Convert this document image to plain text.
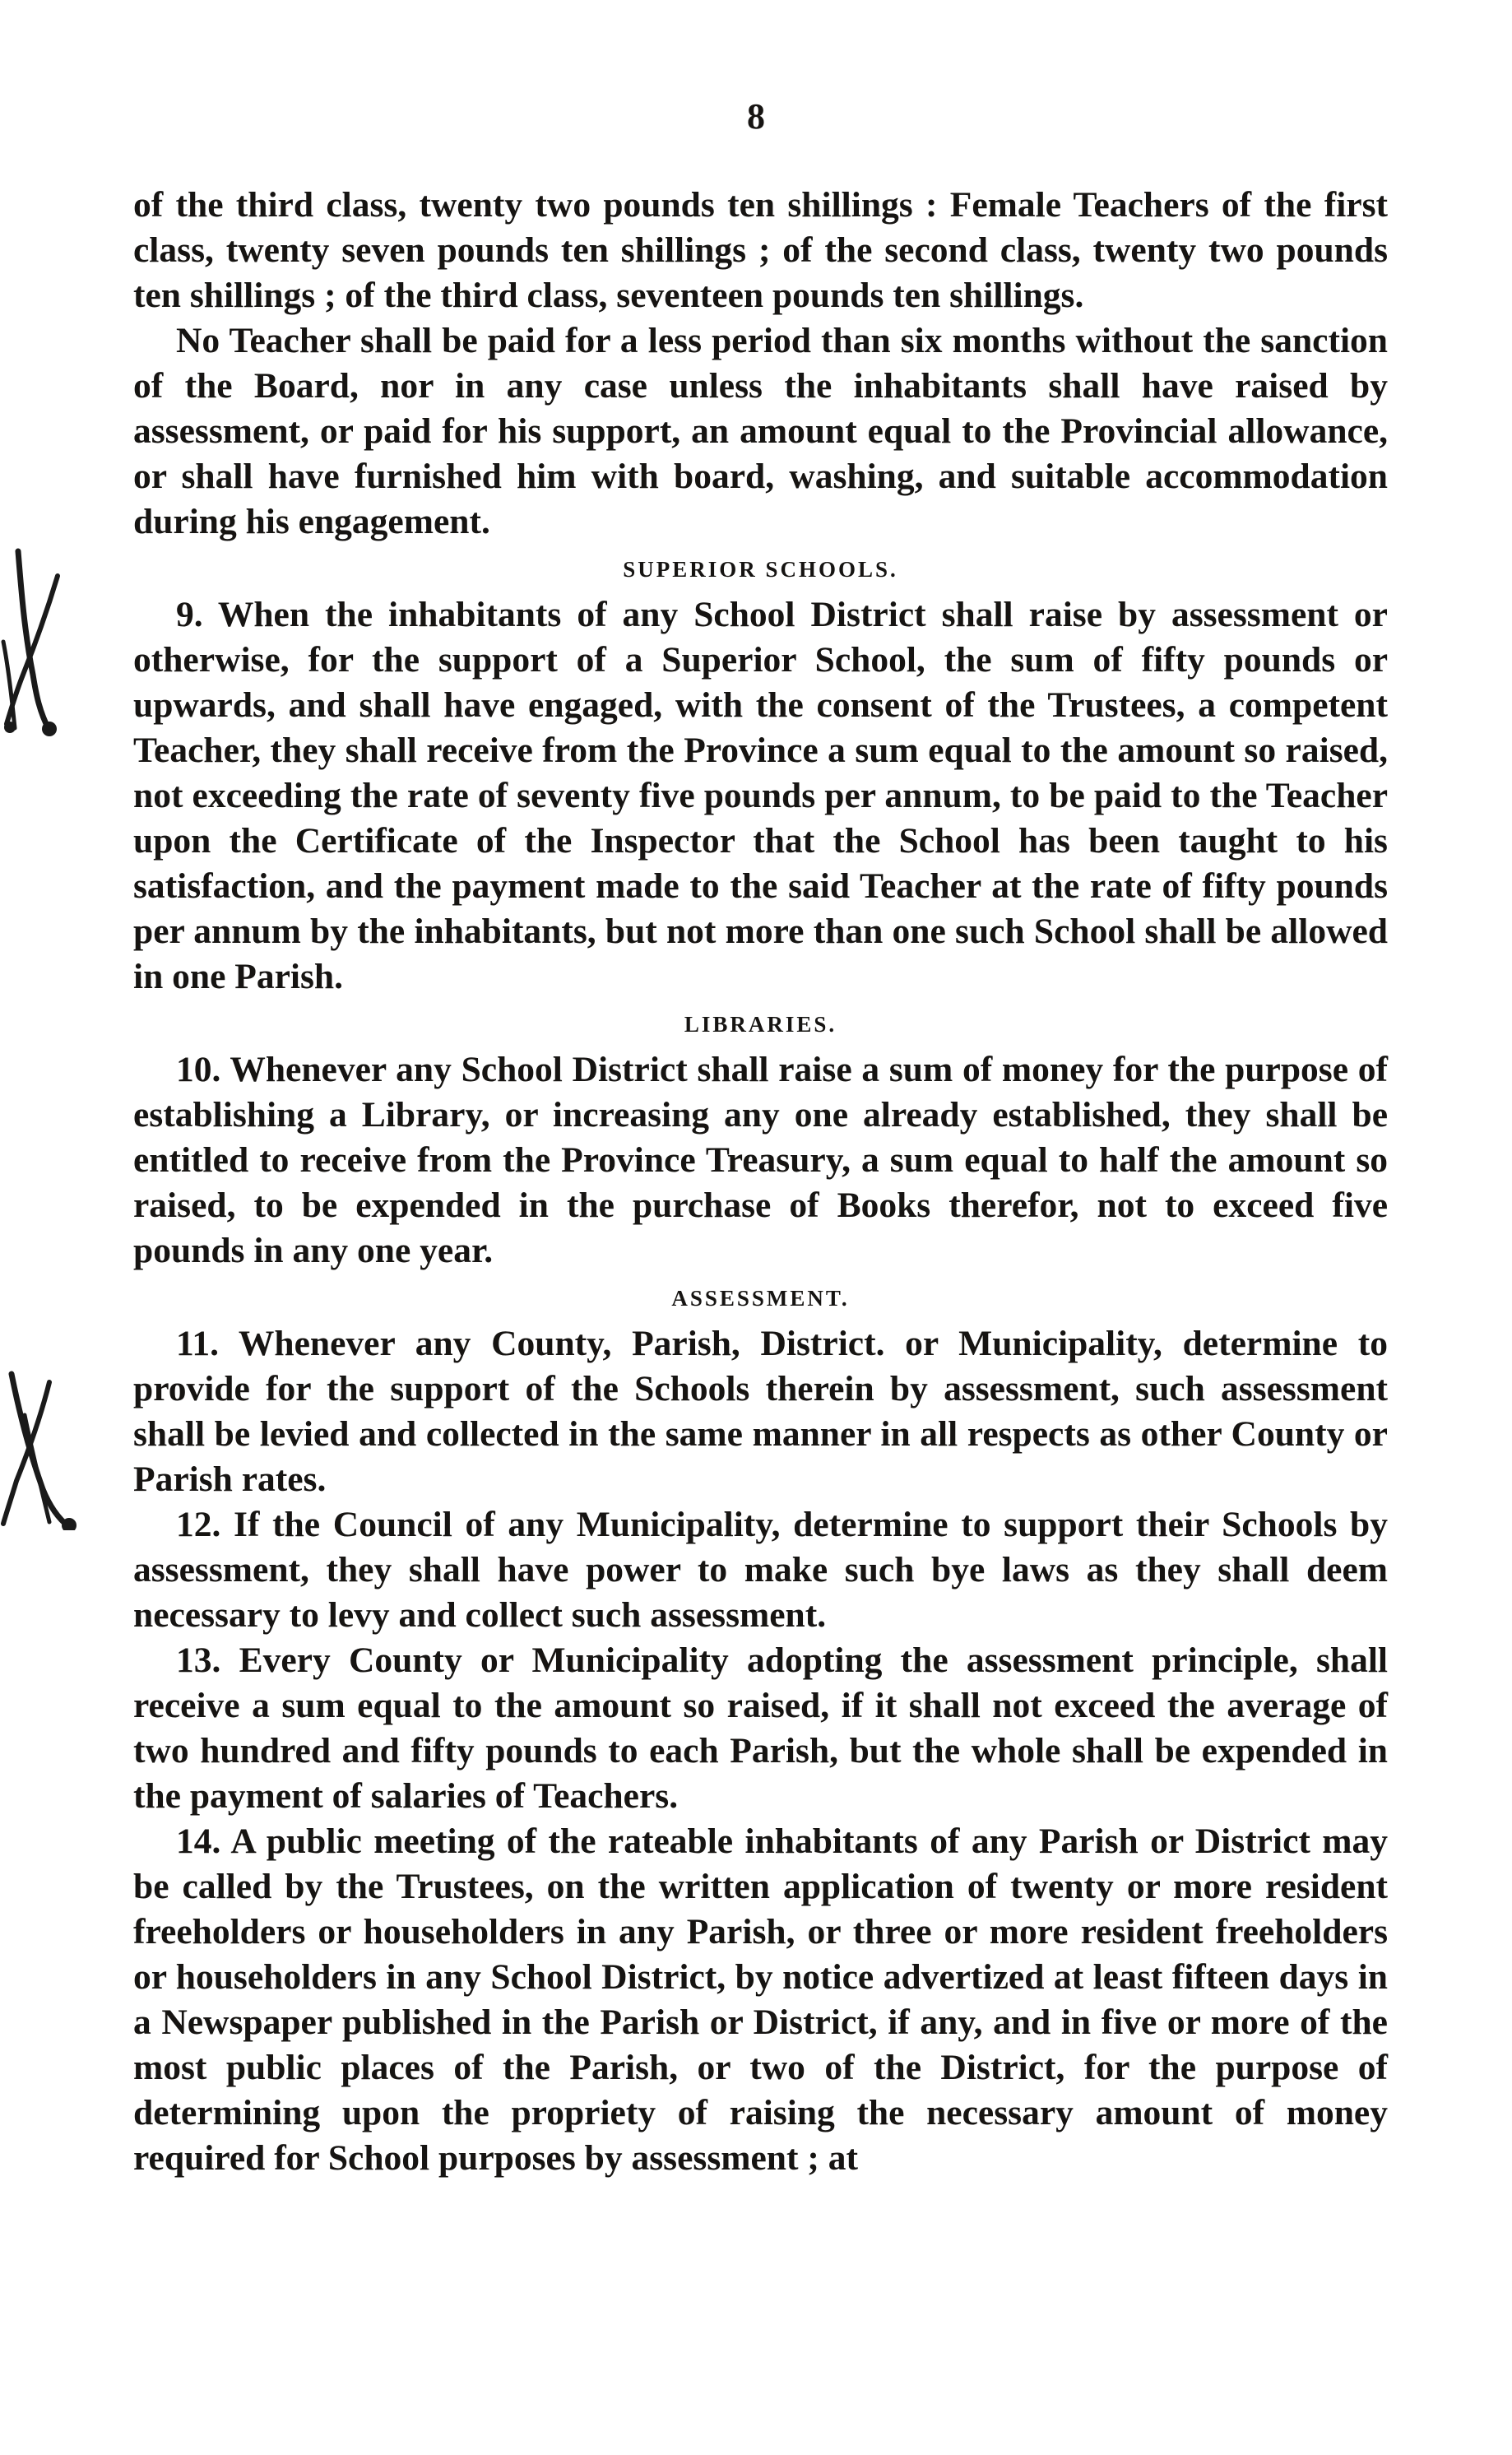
8

of the third class, twenty two pounds ten shillings : Female Teachers of the first class, twenty seven pounds ten shillings ; of the second class, twenty two pounds ten shillings ; of the third class, seventeen pounds ten shillings.

No Teacher shall be paid for a less period than six months without the sanction of the Board, nor in any case unless the inhabitants shall have raised by assessment, or paid for his support, an amount equal to the Provincial allowance, or shall have furnished him with board, washing, and suitable accommodation during his engagement.

SUPERIOR SCHOOLS.

9. When the inhabitants of any School District shall raise by assessment or otherwise, for the support of a Superior School, the sum of fifty pounds or upwards, and shall have engaged, with the consent of the Trustees, a competent Teacher, they shall receive from the Province a sum equal to the amount so raised, not exceeding the rate of seventy five pounds per annum, to be paid to the Teacher upon the Certificate of the Inspector that the School has been taught to his satisfaction, and the payment made to the said Teacher at the rate of fifty pounds per annum by the inhabitants, but not more than one such School shall be allowed in one Parish.

LIBRARIES.

10. Whenever any School District shall raise a sum of money for the purpose of establishing a Library, or increasing any one already established, they shall be entitled to receive from the Province Treasury, a sum equal to half the amount so raised, to be expended in the purchase of Books therefor, not to exceed five pounds in any one year.

ASSESSMENT.

11. Whenever any County, Parish, District. or Municipality, determine to provide for the support of the Schools therein by assessment, such assessment shall be levied and collected in the same manner in all respects as other County or Parish rates.

12. If the Council of any Municipality, determine to support their Schools by assessment, they shall have power to make such bye laws as they shall deem necessary to levy and collect such assessment.

13. Every County or Municipality adopting the assessment principle, shall receive a sum equal to the amount so raised, if it shall not exceed the average of two hundred and fifty pounds to each Parish, but the whole shall be expended in the payment of salaries of Teachers.

14. A public meeting of the rateable inhabitants of any Parish or District may be called by the Trustees, on the written application of twenty or more resident freeholders or householders in any Parish, or three or more resident freeholders or householders in any School District, by notice advertized at least fifteen days in a Newspaper published in the Parish or District, if any, and in five or more of the most public places of the Parish, or two of the District, for the purpose of determining upon the propriety of raising the necessary amount of money required for School purposes by assessment ; at
